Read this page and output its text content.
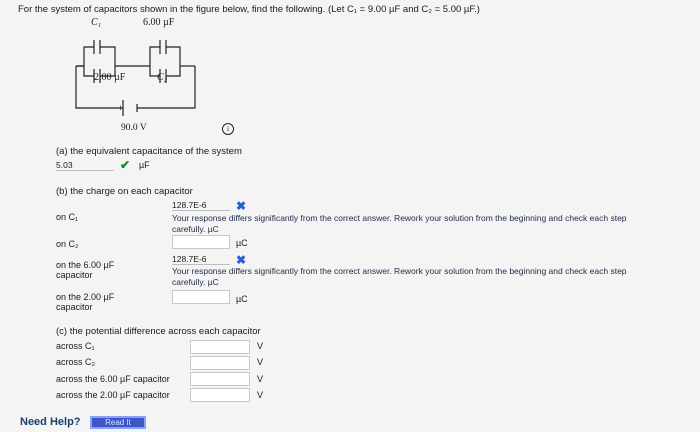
For the system of capacitors shown in the figure below, find the following. (Let C₁ = 9.00 µF and C₂ = 5.00 µF.)
C₁	6.00 µF
2.00 µF	C₂
+ −
90.0 V	i
(a) the equivalent capacitance of the system
5.03	✔ µF
(b) the charge on each capacitor
on C₁
128.7E-6	✖
Your response differs significantly from the correct answer. Rework your solution from the beginning and check each step
carefully. µC
on C₂	µC
on the 6.00 µF
capacitor
128.7E-6	✖
Your response differs significantly from the correct answer. Rework your solution from the beginning and check each step
carefully. µC
on the 2.00 µF
capacitor
µC
(c) the potential difference across each capacitor
across C₁	V
across C₂	V
across the 6.00 µF capacitor	V
across the 2.00 µF capacitor	V
Need Help?	Read It
